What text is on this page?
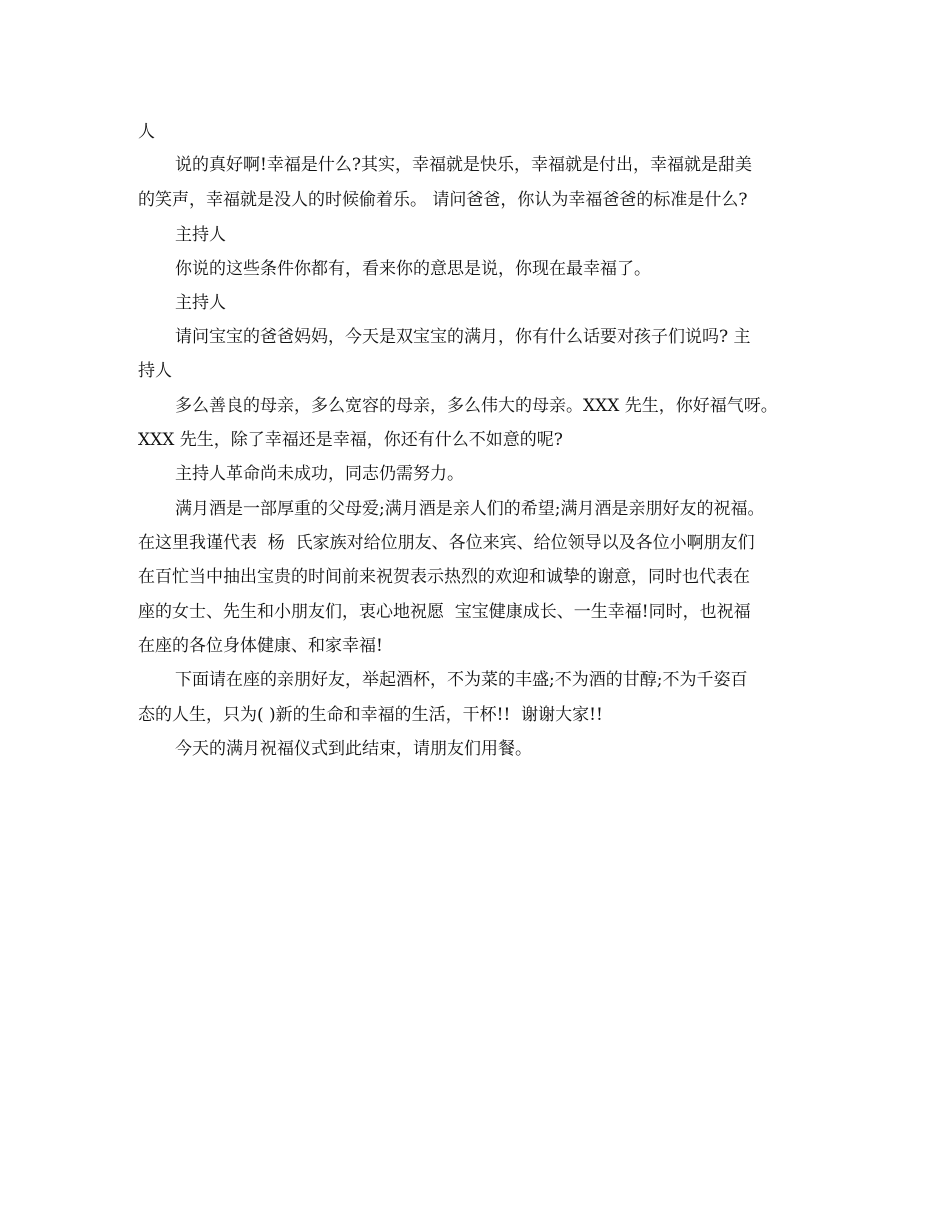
人
说的真好啊!幸福是什么?其实，幸福就是快乐，幸福就是付出，幸福就是甜美
的笑声，幸福就是没人的时候偷着乐。 请问爸爸，你认为幸福爸爸的标准是什么?
主持人
你说的这些条件你都有，看来你的意思是说，你现在最幸福了。
主持人
请问宝宝的爸爸妈妈，今天是双宝宝的满月，你有什么话要对孩子们说吗? 主
持人
多么善良的母亲，多么宽容的母亲，多么伟大的母亲。XXX 先生，你好福气呀。
XXX 先生，除了幸福还是幸福，你还有什么不如意的呢?
主持人革命尚未成功，同志仍需努力。
满月酒是一部厚重的父母爱;满月酒是亲人们的希望;满月酒是亲朋好友的祝福。
在这里我谨代表  杨  氏家族对给位朋友、各位来宾、给位领导以及各位小啊朋友们
在百忙当中抽出宝贵的时间前来祝贺表示热烈的欢迎和诚挚的谢意，同时也代表在
座的女士、先生和小朋友们，衷心地祝愿  宝宝健康成长、一生幸福!同时，也祝福
在座的各位身体健康、和家幸福!
下面请在座的亲朋好友，举起酒杯，不为菜的丰盛;不为酒的甘醇;不为千姿百
态的人生，只为( )新的生命和幸福的生活，干杯!!  谢谢大家!!
今天的满月祝福仪式到此结束，请朋友们用餐。
